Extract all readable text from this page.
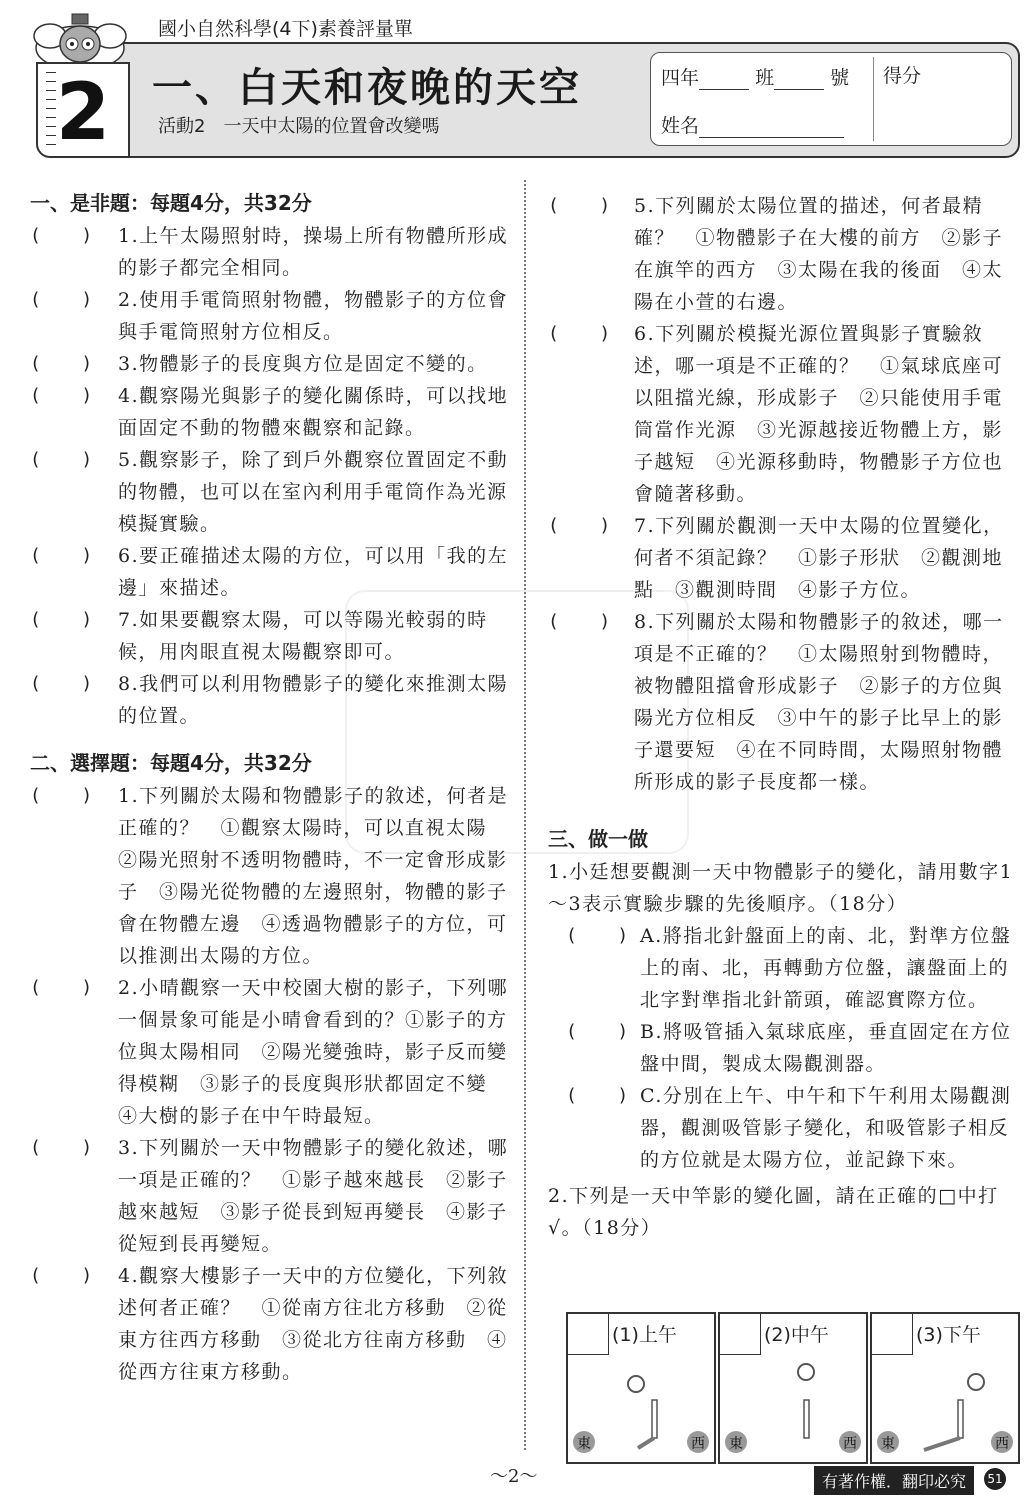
國小自然科學(4下)素養評量單
2	一、白天和夜晚的天空
活動2　一天中太陽的位置會改變嗎
四年	班	號 得分
姓名
一、是非題：每題4分，共32分
(　　)	1.上午太陽照射時，操場上所有物體所形成的影子都完全相同。
(　　)	2.使用手電筒照射物體，物體影子的方位會與手電筒照射方位相反。
(　　)	3.物體影子的長度與方位是固定不變的。
(　　)	4.觀察陽光與影子的變化關係時，可以找地面固定不動的物體來觀察和記錄。
(　　)	5.觀察影子，除了到戶外觀察位置固定不動的物體，也可以在室內利用手電筒作為光源模擬實驗。
(　　)	6.要正確描述太陽的方位，可以用「我的左邊」來描述。
(　　)	7.如果要觀察太陽，可以等陽光較弱的時候，用肉眼直視太陽觀察即可。
(　　)	8.我們可以利用物體影子的變化來推測太陽的位置。
二、選擇題：每題4分，共32分
(　　)	1.下列關於太陽和物體影子的敘述，何者是正確的？　①觀察太陽時，可以直視太陽　②陽光照射不透明物體時，不一定會形成影子　③陽光從物體的左邊照射，物體的影子會在物體左邊　④透過物體影子的方位，可以推測出太陽的方位。
(　　)	2.小晴觀察一天中校園大樹的影子，下列哪一個景象可能是小晴會看到的？①影子的方位與太陽相同　②陽光變強時，影子反而變得模糊　③影子的長度與形狀都固定不變　④大樹的影子在中午時最短。
(　　)	3.下列關於一天中物體影子的變化敘述，哪一項是正確的？　①影子越來越長　②影子越來越短　③影子從長到短再變長　④影子從短到長再變短。
(　　)	4.觀察大樓影子一天中的方位變化，下列敘述何者正確？　①從南方往北方移動　②從東方往西方移動　③從北方往南方移動　④從西方往東方移動。
(　　)	5.下列關於太陽位置的描述，何者最精確？　①物體影子在大樓的前方　②影子在旗竿的西方　③太陽在我的後面　④太陽在小萱的右邊。
(　　)	6.下列關於模擬光源位置與影子實驗敘述，哪一項是不正確的？　①氣球底座可以阻擋光線，形成影子　②只能使用手電筒當作光源　③光源越接近物體上方，影子越短　④光源移動時，物體影子方位也會隨著移動。
(　　)	7.下列關於觀測一天中太陽的位置變化，何者不須記錄？　①影子形狀　②觀測地點　③觀測時間　④影子方位。
(　　)	8.下列關於太陽和物體影子的敘述，哪一項是不正確的？　①太陽照射到物體時，被物體阻擋會形成影子　②影子的方位與陽光方位相反　③中午的影子比早上的影子還要短　④在不同時間，太陽照射物體所形成的影子長度都一樣。
三、做一做
1.小廷想要觀測一天中物體影子的變化，請用數字1～3表示實驗步驟的先後順序。（18分）
(　　) A.將指北針盤面上的南、北，對準方位盤上的南、北，再轉動方位盤，讓盤面上的北字對準指北針箭頭，確認實際方位。
(　　) B.將吸管插入氣球底座，垂直固定在方位盤中間，製成太陽觀測器。
(　　) C.分別在上午、中午和下午利用太陽觀測器，觀測吸管影子變化，和吸管影子相反的方位就是太陽方位，並記錄下來。
2.下列是一天中竿影的變化圖，請在正確的□中打√。（18分）
(1)上午
東	西
(2)中午
東	西
(3)下午
東	西
～2～	有著作權．翻印必究	51
